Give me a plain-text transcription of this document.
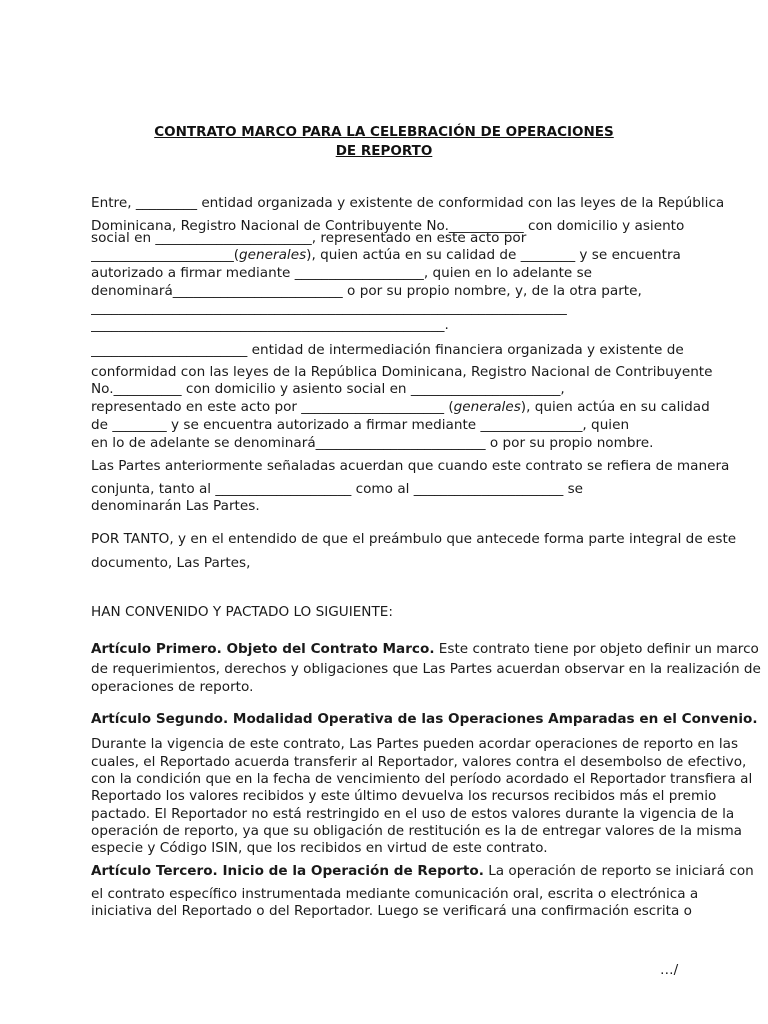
CONTRATO MARCO PARA LA CELEBRACIÓN DE OPERACIONES
DE REPORTO
Entre, _________ entidad organizada y existente de conformidad con las leyes de la República
Dominicana, Registro Nacional de Contribuyente No.___________ con domicilio y asiento
social en _______________________, representado en este acto por
_____________________(generales), quien actúa en su calidad de ________ y se encuentra
autorizado a firmar mediante ___________________, quien en lo adelante se
denominará_________________________ o por su propio nombre, y, de la otra parte,
______________________________________________________________________
____________________________________________________.
_______________________ entidad de intermediación financiera organizada y existente de
conformidad con las leyes de la República Dominicana, Registro Nacional de Contribuyente
No.__________ con domicilio y asiento social en ______________________,
representado en este acto por _____________________ (generales), quien actúa en su calidad
de ________ y se encuentra autorizado a firmar mediante _______________, quien
en lo de adelante se denominará_________________________ o por su propio nombre.
Las Partes anteriormente señaladas acuerdan que cuando este contrato se refiera de manera
conjunta, tanto al ____________________ como al ______________________ se
denominarán Las Partes.
POR TANTO, y en el entendido de que el preámbulo que antecede forma parte integral de este
documento, Las Partes,
HAN CONVENIDO Y PACTADO LO SIGUIENTE:
Artículo Primero. Objeto del Contrato Marco. Este contrato tiene por objeto definir un marco
de requerimientos, derechos y obligaciones que Las Partes acuerdan observar en la realización de
operaciones de reporto.
Artículo Segundo. Modalidad Operativa de las Operaciones Amparadas en el Convenio.
Durante la vigencia de este contrato, Las Partes pueden acordar operaciones de reporto en las
cuales, el Reportado acuerda transferir al Reportador, valores contra el desembolso de efectivo,
con la condición que en la fecha de vencimiento del período acordado el Reportador transfiera al
Reportado los valores recibidos y este último devuelva los recursos recibidos más el premio
pactado. El Reportador no está restringido en el uso de estos valores durante la vigencia de la
operación de reporto, ya que su obligación de restitución es la de entregar valores de la misma
especie y Código ISIN, que los recibidos en virtud de este contrato.
Artículo Tercero. Inicio de la Operación de Reporto. La operación de reporto se iniciará con
el contrato específico instrumentada mediante comunicación oral, escrita o electrónica a
iniciativa del Reportado o del Reportador. Luego se verificará una confirmación escrita o
…/
